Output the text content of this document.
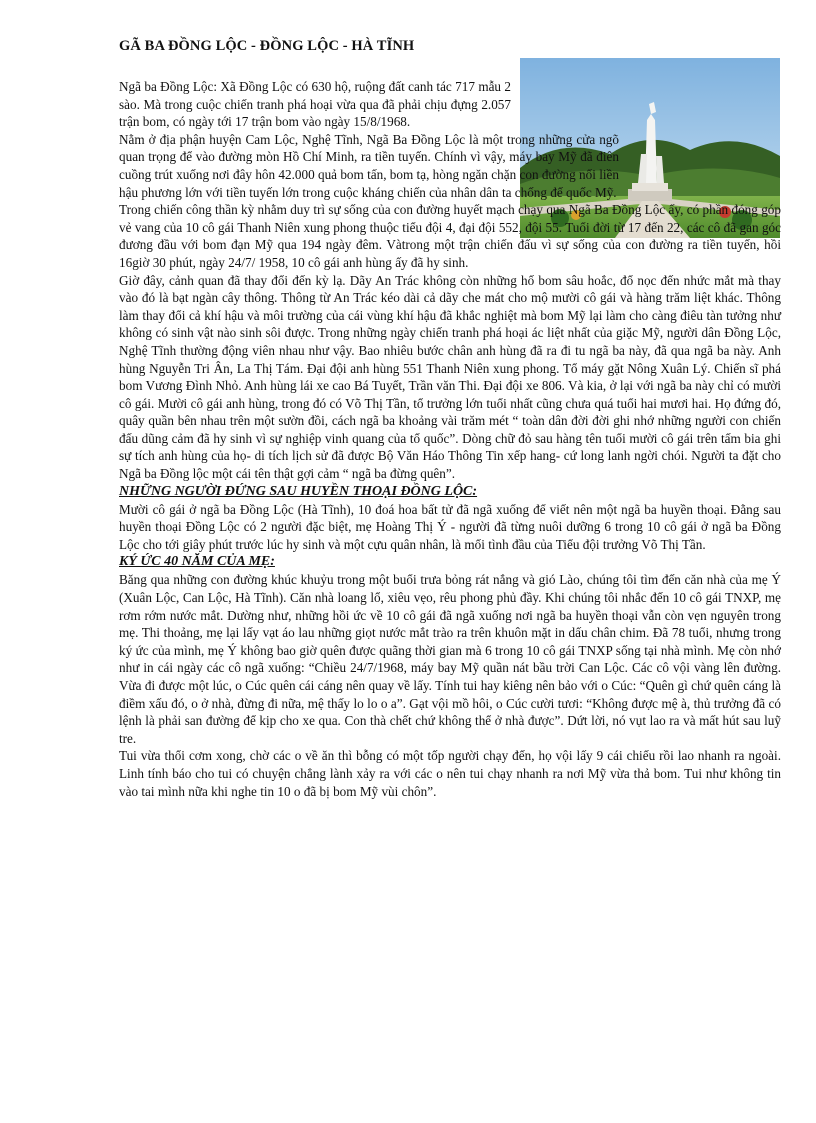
GÃ BA ĐỒNG LỘC - ĐỒNG LỘC - HÀ TĨNH

Ngã ba Đồng Lộc: Xã Đồng Lộc có 630 hộ, ruộng đất canh tác 717 mẫu 2 sào. Mà trong cuộc chiến tranh phá hoại vừa qua đã phải chịu đựng 2.057 trận bom, có ngày tới 17 trận bom vào ngày 15/8/1968.

Nằm ở địa phận huyện Cam Lộc, Nghệ Tĩnh, Ngã Ba Đồng Lộc là một trong những cửa ngõ quan trọng để vào đường mòn Hồ Chí Minh, ra tiền tuyến. Chính vì vậy, máy bay Mỹ đã điên cuồng trút xuống nơi đây hôn 42.000 quả bom tấn, bom tạ, hòng ngăn chặn con đường nối liền hậu phương lớn với tiền tuyến lớn trong cuộc kháng chiến của nhân dân ta chống đế quốc Mỹ.

Trong chiến công thần kỳ nhằm duy trì sự sống của con đường huyết mạch chạy qua Ngã Ba Đồng Lộc ấy, có phần đóng góp vẻ vang của 10 cô gái Thanh Niên xung phong thuộc tiểu đội 4, đại đội 552, đội 55. Tuổi đời từ 17 đến 22, các cô đã gan góc đương đầu với bom đạn Mỹ qua 194 ngày đêm. Vàtrong một trận chiến đấu vì sự sống của con đường ra tiền tuyến, hồi 16giờ 30 phút, ngày 24/7/ 1958, 10 cô gái anh hùng ấy đã hy sinh.

Giờ đây, cảnh quan đã thay đổi đến kỳ lạ. Dãy An Trác không còn những hố bom sâu hoắc, đổ nọc đến nhức mắt mà thay vào đó là bạt ngàn cây thông. Thông từ An Trác kéo dài cả dãy che mát cho mộ mười cô gái và hàng trăm liệt khác. Thông làm thay đổi cả khí hậu và môi trường của cái vùng khí hậu đã khắc nghiệt mà bom Mỹ lại làm cho càng điêu tàn tưởng như không có sinh vật nào sinh sôi được. Trong những ngày chiến tranh phá hoại ác liệt nhất của giặc Mỹ, người dân Đồng Lộc, Nghệ Tĩnh thường động viên nhau như vậy. Bao nhiêu bước chân anh hùng đã ra đi tu ngã ba này, đã qua ngã ba này. Anh hùng Nguyễn Tri Ân, La Thị Tám. Đại đội anh hùng 551 Thanh Niên xung phong. Tổ máy gặt Nông Xuân Lý. Chiến sĩ phá bom Vương Đình Nhỏ. Anh hùng lái xe cao Bá Tuyết, Trần văn Thi. Đại đội xe 806. Và kia, ở lại với ngã ba này chỉ có mười cô gái. Mười cô gái anh hùng, trong đó có Võ Thị Tần, tổ trưởng lớn tuổi nhất cũng chưa quá tuổi hai mươi hai. Họ đứng đó, quây quần bên nhau trên một sườn đồi, cách ngã ba khoảng vài trăm mét “ toàn dân đời đời ghi nhớ những người con chiến đấu dũng cảm đã hy sinh vì sự nghiệp vinh quang của tổ quốc”. Dòng chữ đỏ sau hàng tên tuổi mười cô gái trên tấm bia ghi sự tích anh hùng của họ- di tích lịch sử đã được Bộ Văn Háo Thông Tin xếp hang- cứ long lanh ngời chói. Người ta đặt cho Ngã ba Đồng lộc một cái tên thật gợi cảm “ ngã ba đừng quên”.

NHỮNG NGƯỜI ĐỨNG SAU HUYỀN THOẠI ĐỒNG LỘC:

Mười cô gái ở ngã ba Đồng Lộc (Hà Tĩnh), 10 đoá hoa bất tử đã ngã xuống để viết nên một ngã ba huyền thoại. Đằng sau huyền thoại Đồng Lộc có 2 người đặc biệt, mẹ Hoàng Thị Ý - người đã từng nuôi dưỡng 6 trong 10 cô gái ở ngã ba Đồng Lộc cho tới giây phút trước lúc hy sinh và một cựu quân nhân, là mối tình đầu của Tiểu đội trưởng Võ Thị Tần.

KÝ ỨC 40 NĂM CỦA MẸ:

Băng qua những con đường khúc khuỷu trong một buổi trưa bỏng rát nắng và gió Lào, chúng tôi tìm đến căn nhà của mẹ Ý (Xuân Lộc, Can Lộc, Hà Tĩnh). Căn nhà loang lổ, xiêu vẹo, rêu phong phủ đầy. Khi chúng tôi nhắc đến 10 cô gái TNXP, mẹ rơm rớm nước mắt. Dường như, những hồi ức về 10 cô gái đã ngã xuống nơi ngã ba huyền thoại vẫn còn vẹn nguyên trong mẹ. Thi thoảng, mẹ lại lấy vạt áo lau những giọt nước mắt trào ra trên khuôn mặt in dấu chân chim. Đã 78 tuổi, nhưng trong ký ức của mình, mẹ Ý không bao giờ quên được quãng thời gian mà 6 trong 10 cô gái TNXP sống tại nhà mình. Mẹ còn nhớ như in cái ngày các cô ngã xuống: “Chiều 24/7/1968, máy bay Mỹ quần nát bầu trời Can Lộc. Các cô vội vàng lên đường. Vừa đi được một lúc, o Cúc quên cái cáng nên quay về lấy. Tính tui hay kiêng nên bảo với o Cúc: “Quên gì chứ quên cáng là điềm xấu đó, o ở nhà, đừng đi nữa, mệ thấy lo lo o a”. Gạt vội mồ hôi, o Cúc cười tươi: “Không được mệ à, thủ trưởng đã có lệnh là phải san đường để kịp cho xe qua. Con thà chết chứ không thể ở nhà được”. Dứt lời, nó vụt lao ra và mất hút sau luỹ tre.

Tui vừa thổi cơm xong, chờ các o về ăn thì bỗng có một tốp người chạy đến, họ vội lấy 9 cái chiếu rồi lao nhanh ra ngoài. Linh tính báo cho tui có chuyện chẳng lành xảy ra với các o nên tui chạy nhanh ra nơi Mỹ vừa thả bom. Tui như không tin vào tai mình nữa khi nghe tin 10 o đã bị bom Mỹ vùi chôn”.
